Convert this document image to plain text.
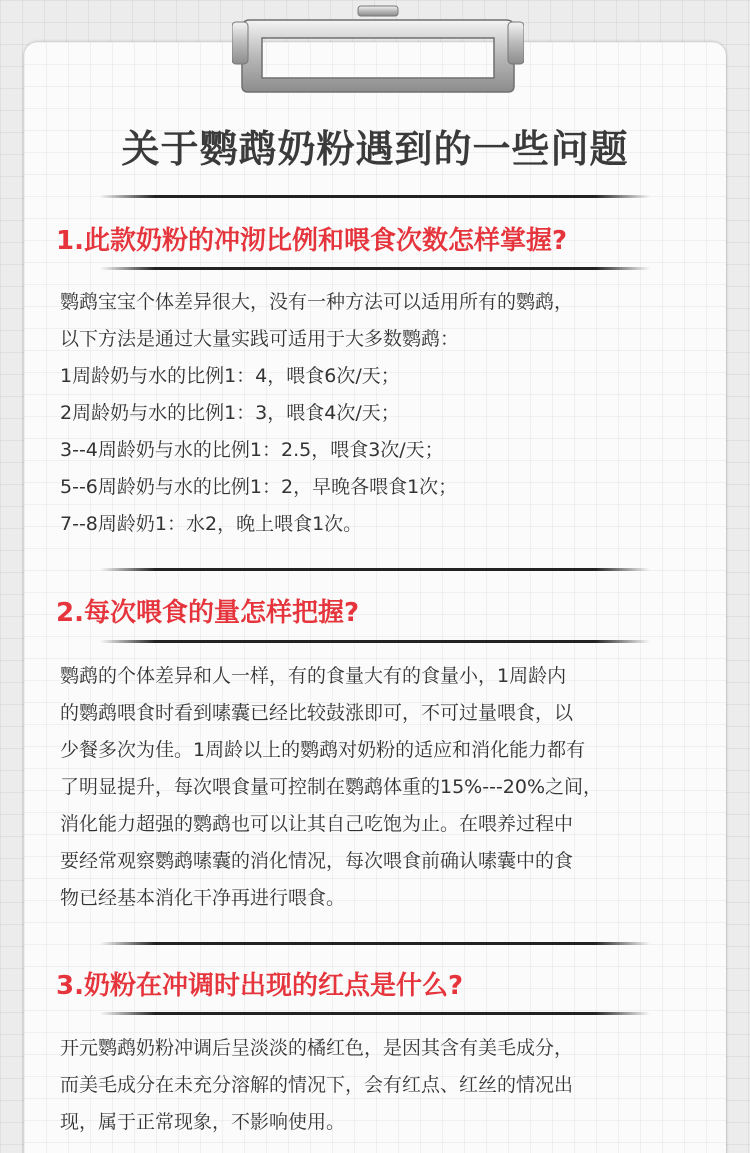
关于鹦鹉奶粉遇到的一些问题
1.此款奶粉的冲沏比例和喂食次数怎样掌握?
鹦鹉宝宝个体差异很大，没有一种方法可以适用所有的鹦鹉，
以下方法是通过大量实践可适用于大多数鹦鹉：
1周龄奶与水的比例1：4，喂食6次/天；
2周龄奶与水的比例1：3，喂食4次/天；
3--4周龄奶与水的比例1：2.5，喂食3次/天；
5--6周龄奶与水的比例1：2，早晚各喂食1次；
7--8周龄奶1：水2，晚上喂食1次。
2.每次喂食的量怎样把握?
鹦鹉的个体差异和人一样，有的食量大有的食量小，1周龄内
的鹦鹉喂食时看到嗉囊已经比较鼓涨即可，不可过量喂食，以
少餐多次为佳。1周龄以上的鹦鹉对奶粉的适应和消化能力都有
了明显提升，每次喂食量可控制在鹦鹉体重的15%---20%之间，
消化能力超强的鹦鹉也可以让其自己吃饱为止。在喂养过程中
要经常观察鹦鹉嗉囊的消化情况，每次喂食前确认嗉囊中的食
物已经基本消化干净再进行喂食。
3.奶粉在冲调时出现的红点是什么?
开元鹦鹉奶粉冲调后呈淡淡的橘红色，是因其含有美毛成分，
而美毛成分在未充分溶解的情况下，会有红点、红丝的情况出
现，属于正常现象，不影响使用。
